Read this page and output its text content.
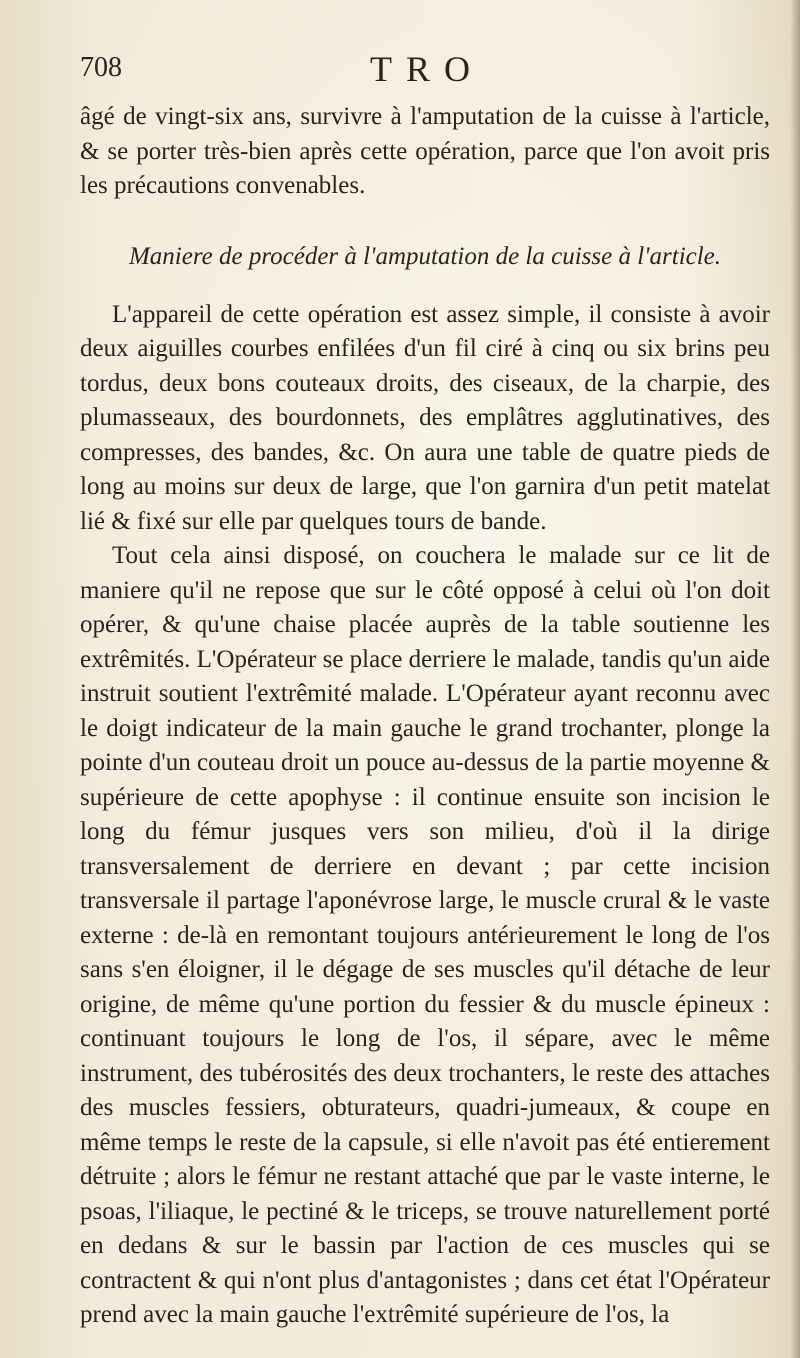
708	TRO

âgé de vingt-six ans, survivre à l'amputation de la cuisse à l'article, & se porter très-bien après cette opération, parce que l'on avoit pris les précautions convenables.

Maniere de procéder à l'amputation de la cuisse à l'article.

L'appareil de cette opération est assez simple, il consiste à avoir deux aiguilles courbes enfilées d'un fil ciré à cinq ou six brins peu tordus, deux bons couteaux droits, des ciseaux, de la charpie, des plumasseaux, des bourdonnets, des emplâtres agglutinatives, des compresses, des bandes, &c. On aura une table de quatre pieds de long au moins sur deux de large, que l'on garnira d'un petit matelat lié & fixé sur elle par quelques tours de bande.

Tout cela ainsi disposé, on couchera le malade sur ce lit de maniere qu'il ne repose que sur le côté opposé à celui où l'on doit opérer, & qu'une chaise placée auprès de la table soutienne les extrêmités. L'Opérateur se place derriere le malade, tandis qu'un aide instruit soutient l'extrêmité malade. L'Opérateur ayant reconnu avec le doigt indicateur de la main gauche le grand trochanter, plonge la pointe d'un couteau droit un pouce au-dessus de la partie moyenne & supérieure de cette apophyse : il continue ensuite son incision le long du fémur jusques vers son milieu, d'où il la dirige transversalement de derriere en devant ; par cette incision transversale il partage l'aponévrose large, le muscle crural & le vaste externe : de-là en remontant toujours antérieurement le long de l'os sans s'en éloigner, il le dégage de ses muscles qu'il détache de leur origine, de même qu'une portion du fessier & du muscle épineux : continuant toujours le long de l'os, il sépare, avec le même instrument, des tubérosités des deux trochanters, le reste des attaches des muscles fessiers, obturateurs, quadri-jumeaux, & coupe en même temps le reste de la capsule, si elle n'avoit pas été entierement détruite ; alors le fémur ne restant attaché que par le vaste interne, le psoas, l'iliaque, le pectiné & le triceps, se trouve naturellement porté en dedans & sur le bassin par l'action de ces muscles qui se contractent & qui n'ont plus d'antagonistes ; dans cet état l'Opérateur prend avec la main gauche l'extrêmité supérieure de l'os, la
